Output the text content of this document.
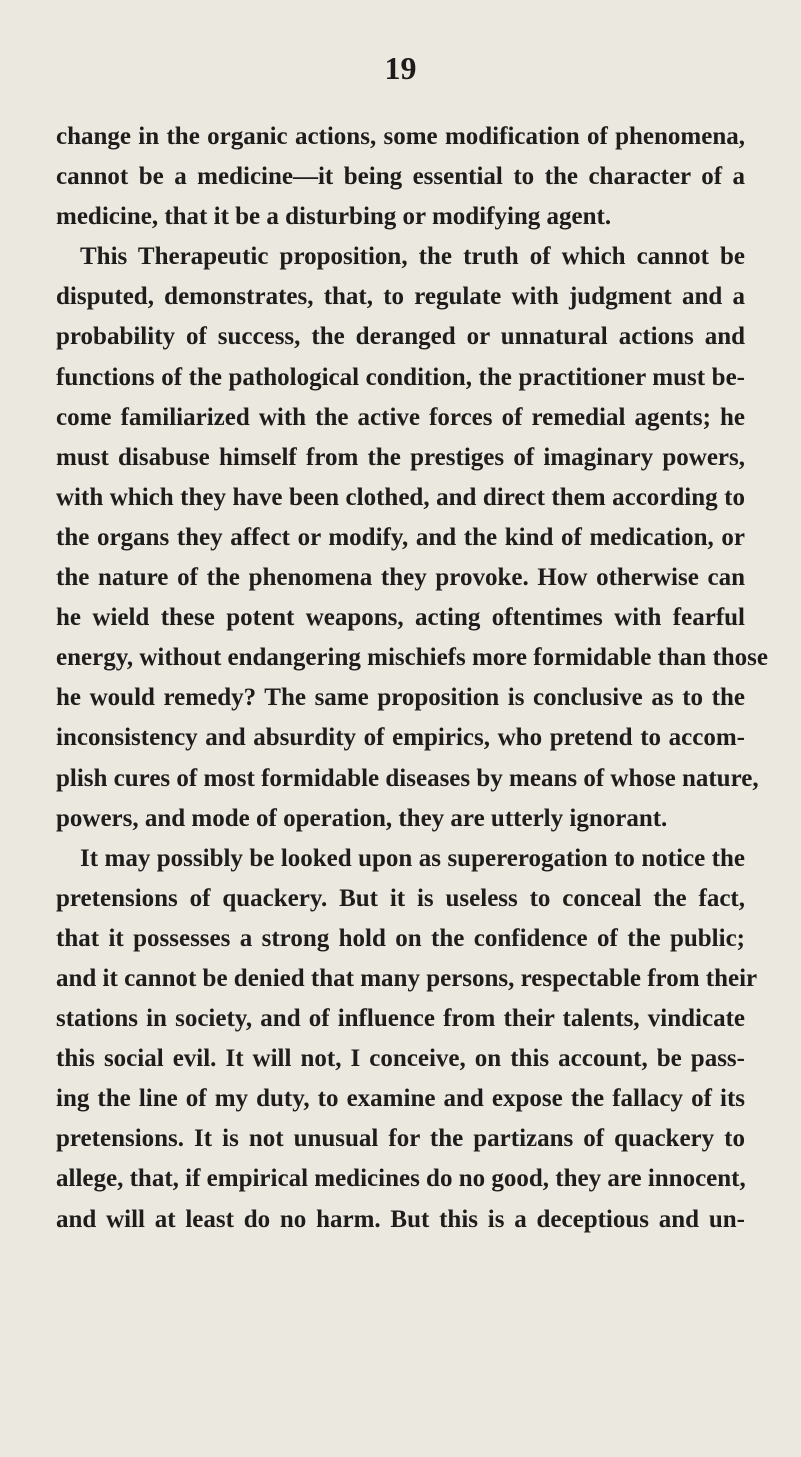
19
change in the organic actions, some modification of phenomena,
cannot be a medicine—it being essential to the character of a
medicine, that it be a disturbing or modifying agent.
This Therapeutic proposition, the truth of which cannot be
disputed, demonstrates, that, to regulate with judgment and a
probability of success, the deranged or unnatural actions and
functions of the pathological condition, the practitioner must be-
come familiarized with the active forces of remedial agents; he
must disabuse himself from the prestiges of imaginary powers,
with which they have been clothed, and direct them according to
the organs they affect or modify, and the kind of medication, or
the nature of the phenomena they provoke. How otherwise can
he wield these potent weapons, acting oftentimes with fearful
energy, without endangering mischiefs more formidable than those
he would remedy? The same proposition is conclusive as to the
inconsistency and absurdity of empirics, who pretend to accom-
plish cures of most formidable diseases by means of whose nature,
powers, and mode of operation, they are utterly ignorant.
It may possibly be looked upon as supererogation to notice the
pretensions of quackery. But it is useless to conceal the fact,
that it possesses a strong hold on the confidence of the public;
and it cannot be denied that many persons, respectable from their
stations in society, and of influence from their talents, vindicate
this social evil. It will not, I conceive, on this account, be pass-
ing the line of my duty, to examine and expose the fallacy of its
pretensions. It is not unusual for the partizans of quackery to
allege, that, if empirical medicines do no good, they are innocent,
and will at least do no harm. But this is a deceptious and un-
